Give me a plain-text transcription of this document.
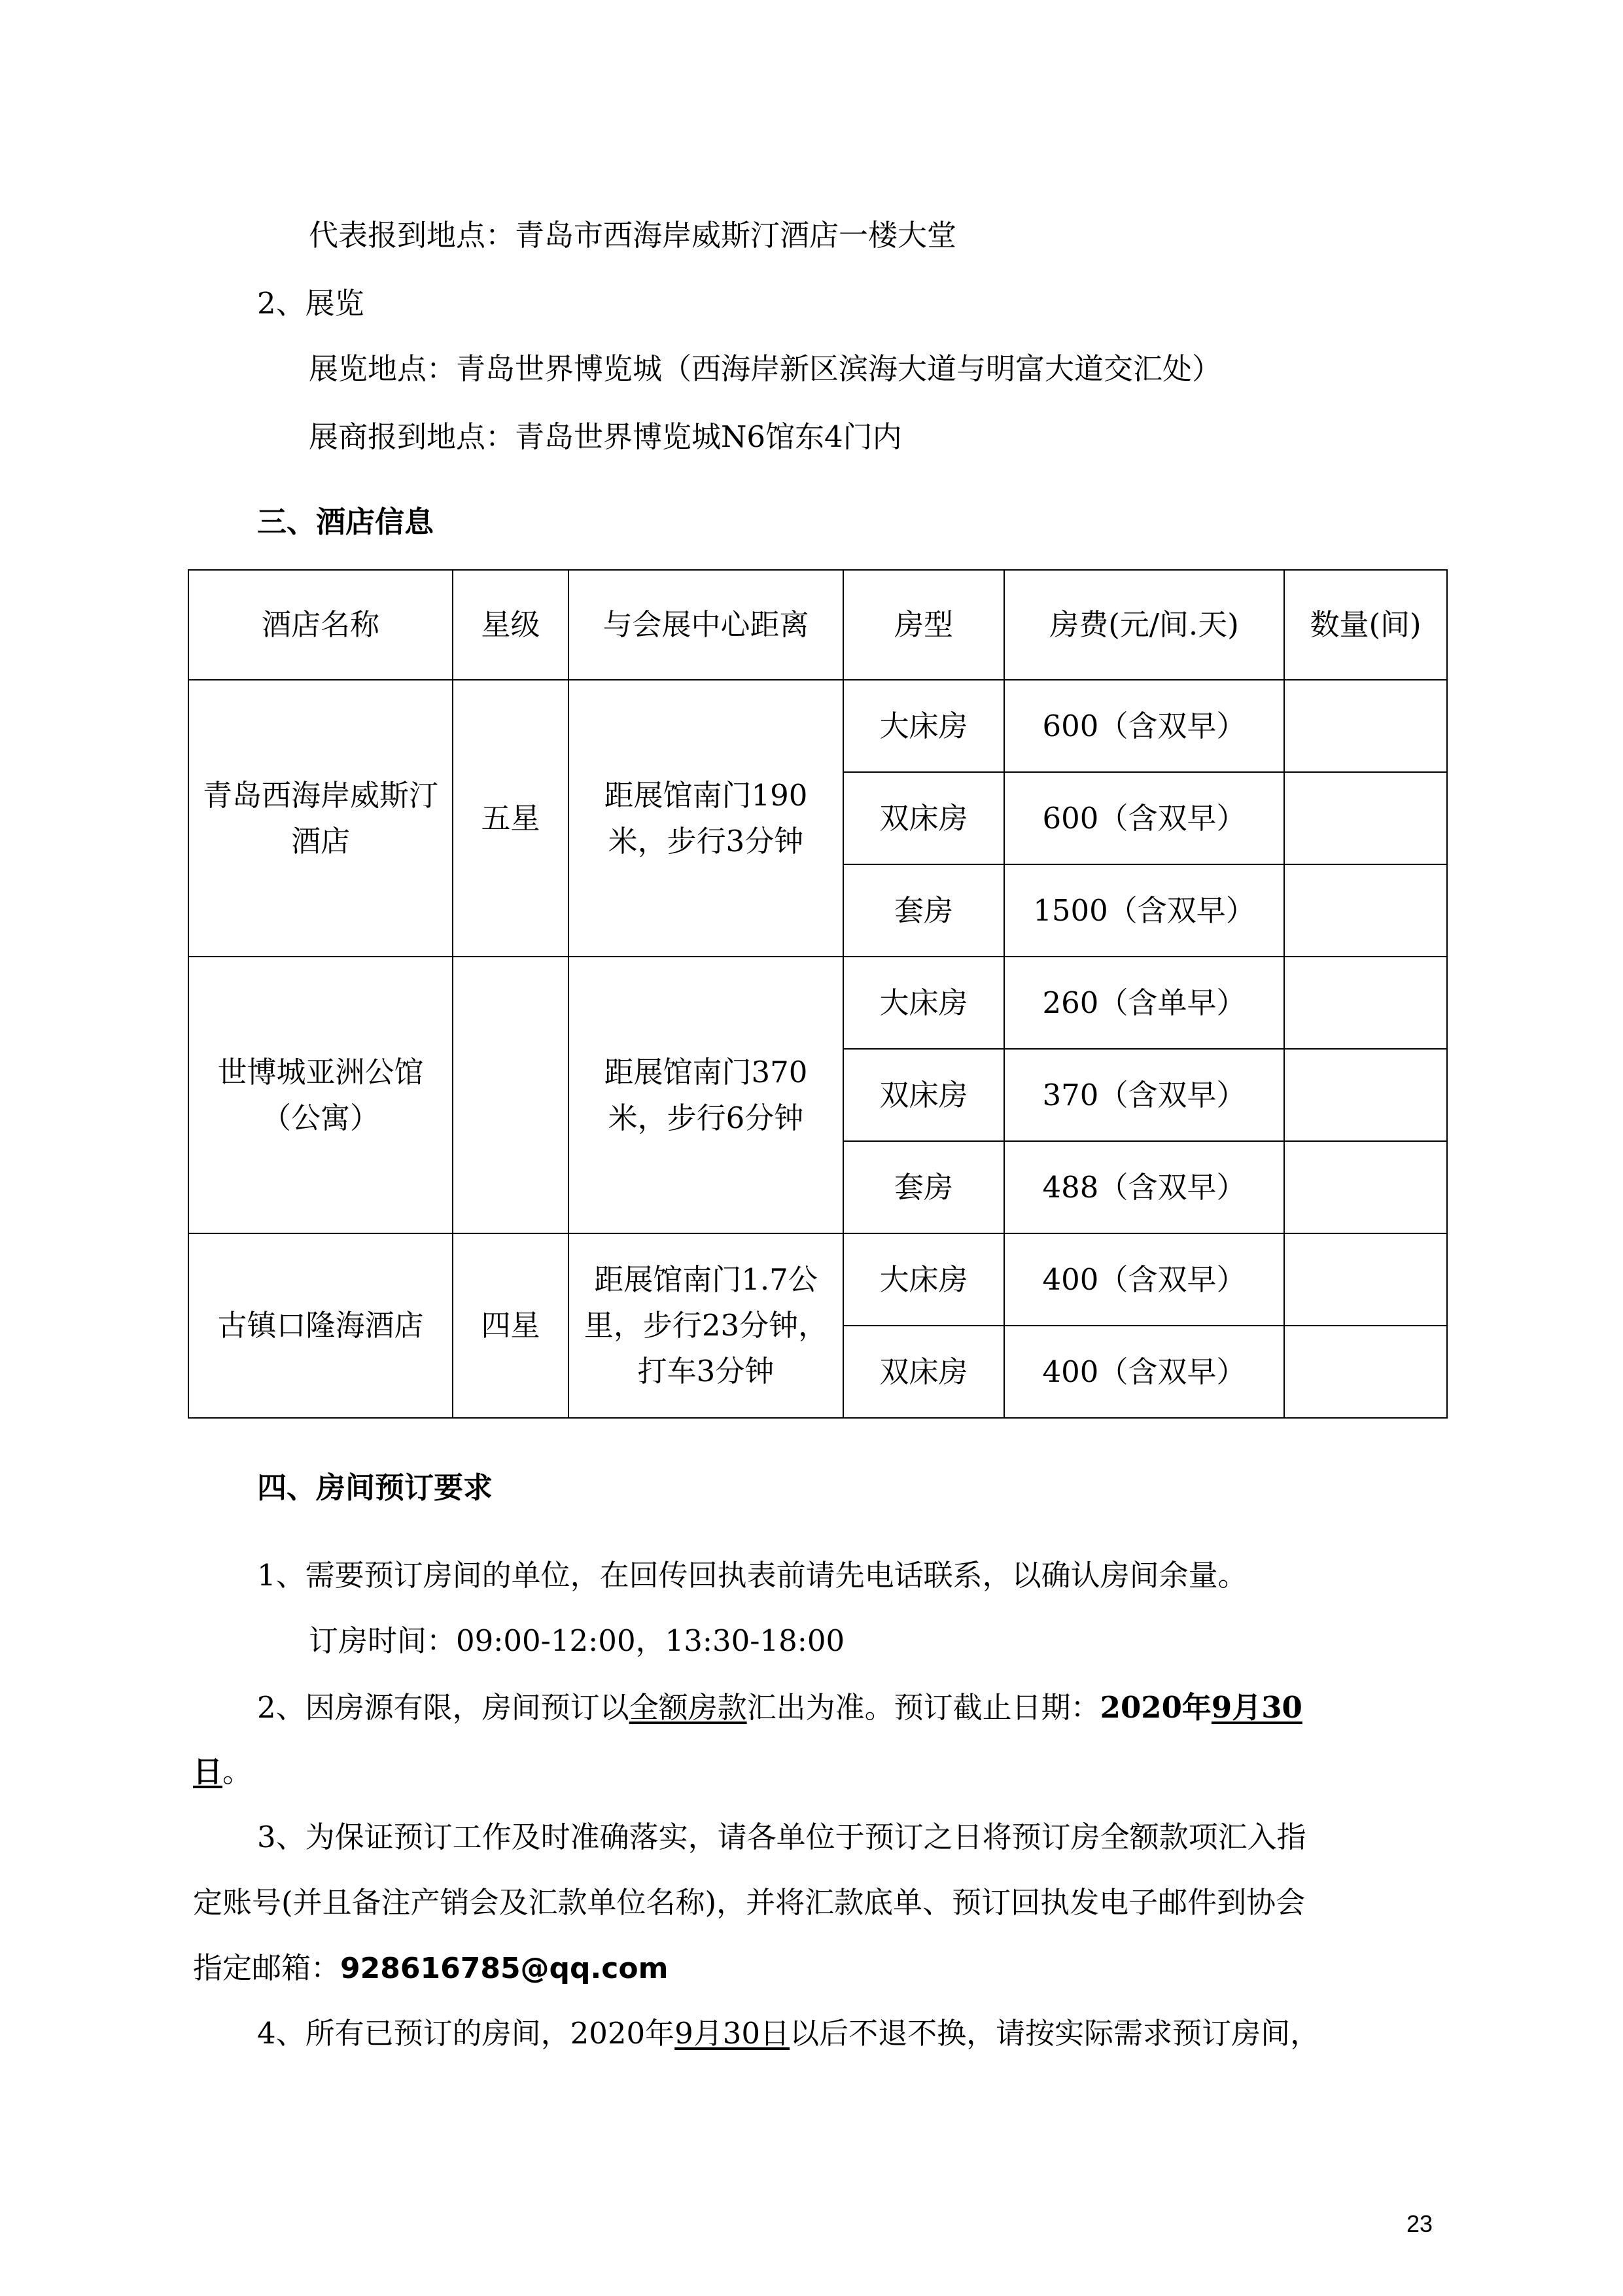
代表报到地点：青岛市西海岸威斯汀酒店一楼大堂
2、展览
展览地点：青岛世界博览城（西海岸新区滨海大道与明富大道交汇处）
展商报到地点：青岛世界博览城N6馆东4门内
三、酒店信息
酒店名称	星级	与会展中心距离	房型	房费(元/间.天)	数量(间)
青岛西海岸威斯汀酒店	五星	距展馆南门190米，步行3分钟	大床房	600（含双早）	
			双床房	600（含双早）	
			套房	1500（含双早）	
世博城亚洲公馆（公寓）		距展馆南门370米，步行6分钟	大床房	260（含单早）	
			双床房	370（含双早）	
			套房	488（含双早）	
古镇口隆海酒店	四星	距展馆南门1.7公里，步行23分钟，打车3分钟	大床房	400（含双早）	
			双床房	400（含双早）	
四、房间预订要求
1、需要预订房间的单位，在回传回执表前请先电话联系，以确认房间余量。
订房时间：09:00-12:00，13:30-18:00
2、因房源有限，房间预订以全额房款汇出为准。预订截止日期：2020年9月30
日。
3、为保证预订工作及时准确落实，请各单位于预订之日将预订房全额款项汇入指
定账号(并且备注产销会及汇款单位名称)，并将汇款底单、预订回执发电子邮件到协会
指定邮箱：928616785@qq.com
4、所有已预订的房间，2020年9月30日以后不退不换，请按实际需求预订房间，
23
